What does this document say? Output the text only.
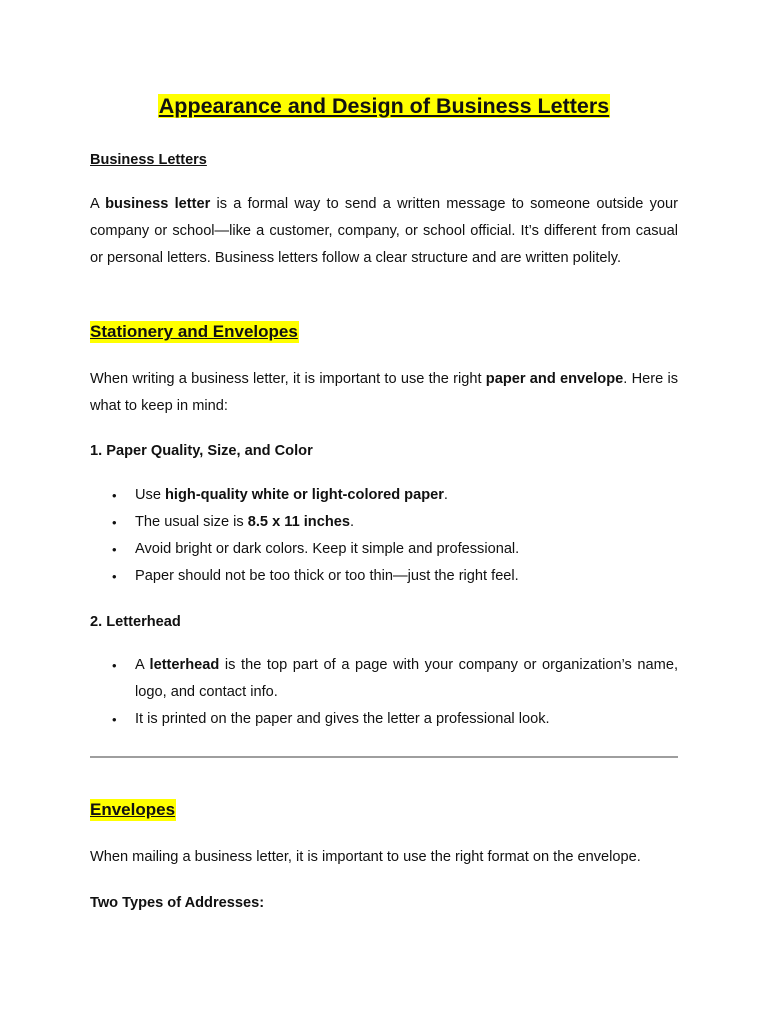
Appearance and Design of Business Letters
Business Letters

A business letter is a formal way to send a written message to someone outside your company or school—like a customer, company, or school official. It’s different from casual or personal letters. Business letters follow a clear structure and are written politely.

Stationery and Envelopes

When writing a business letter, it is important to use the right paper and envelope. Here is what to keep in mind:

1. Paper Quality, Size, and Color
• Use high-quality white or light-colored paper.
• The usual size is 8.5 x 11 inches.
• Avoid bright or dark colors. Keep it simple and professional.
• Paper should not be too thick or too thin—just the right feel.
2. Letterhead
• A letterhead is the top part of a page with your company or organization’s name, logo, and contact info.
• It is printed on the paper and gives the letter a professional look.
Envelopes

When mailing a business letter, it is important to use the right format on the envelope.

Two Types of Addresses:
